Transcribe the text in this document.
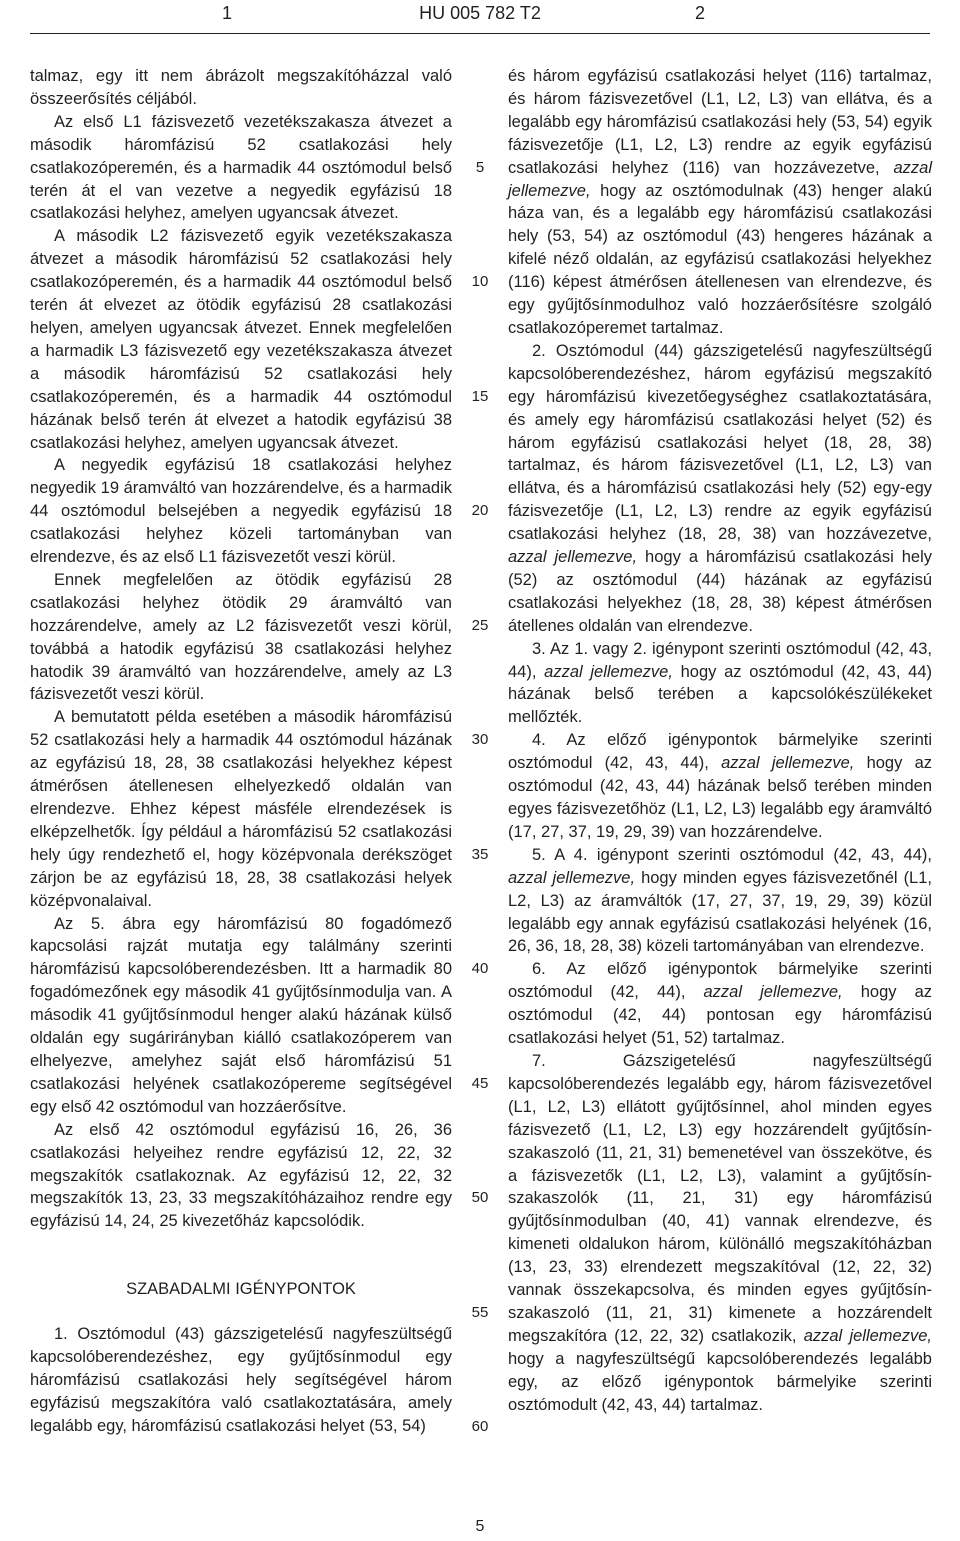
1	HU 005 782 T2	2

talmaz, egy itt nem ábrázolt megszakítóházzal való összeerősítés céljából.

Az első L1 fázisvezető vezetékszakasza átvezet a második háromfázisú 52 csatlakozási hely csatlakozóperemén, és a harmadik 44 osztómodul belső terén át el van vezetve a negyedik egyfázisú 18 csatlakozási helyhez, amelyen ugyancsak átvezet.

A második L2 fázisvezető egyik vezetékszakasza átvezet a második háromfázisú 52 csatlakozási hely csatlakozóperemén, és a harmadik 44 osztómodul belső terén át elvezet az ötödik egyfázisú 28 csatlakozási helyen, amelyen ugyancsak átvezet. Ennek megfelelően a harmadik L3 fázisvezető egy vezetékszakasza átvezet a második háromfázisú 52 csatlakozási hely csatlakozóperemén, és a harmadik 44 osztómodul házának belső terén át elvezet a hatodik egyfázisú 38 csatlakozási helyhez, amelyen ugyancsak átvezet.

A negyedik egyfázisú 18 csatlakozási helyhez negyedik 19 áramváltó van hozzárendelve, és a harmadik 44 osztómodul belsejében a negyedik egyfázisú 18 csatlakozási helyhez közeli tartományban van elrendezve, és az első L1 fázisvezetőt veszi körül.

Ennek megfelelően az ötödik egyfázisú 28 csatlakozási helyhez ötödik 29 áramváltó van hozzárendelve, amely az L2 fázisvezetőt veszi körül, továbbá a hatodik egyfázisú 38 csatlakozási helyhez hatodik 39 áramváltó van hozzárendelve, amely az L3 fázisvezetőt veszi körül.

A bemutatott példa esetében a második háromfázisú 52 csatlakozási hely a harmadik 44 osztómodul házának az egyfázisú 18, 28, 38 csatlakozási helyekhez képest átmérősen átellenesen elhelyezkedő oldalán van elrendezve. Ehhez képest másféle elrendezések is elképzelhetők. Így például a háromfázisú 52 csatlakozási hely úgy rendezhető el, hogy középvonala derékszöget zárjon be az egyfázisú 18, 28, 38 csatlakozási helyek középvonalaival.

Az 5. ábra egy háromfázisú 80 fogadómező kapcsolási rajzát mutatja egy találmány szerinti háromfázisú kapcsolóberendezésben. Itt a harmadik 80 fogadómezőnek egy második 41 gyűjtősínmodulja van. A második 41 gyűjtősínmodul henger alakú házának külső oldalán egy sugárirányban kiálló csatlakozóperem van elhelyezve, amelyhez saját első háromfázisú 51 csatlakozási helyének csatlakozópereme segítségével egy első 42 osztómodul van hozzáerősítve.

Az első 42 osztómodul egyfázisú 16, 26, 36 csatlakozási helyeihez rendre egyfázisú 12, 22, 32 megszakítók csatlakoznak. Az egyfázisú 12, 22, 32 megszakítók 13, 23, 33 megszakítóházaihoz rendre egy egyfázisú 14, 24, 25 kivezetőház kapcsolódik.

SZABADALMI IGÉNYPONTOK

1. Osztómodul (43) gázszigetelésű nagyfeszültségű kapcsolóberendezéshez, egy gyűjtősínmodul egy háromfázisú csatlakozási hely segítségével három egyfázisú megszakítóra való csatlakoztatására, amely legalább egy, háromfázisú csatlakozási helyet (53, 54)

5
10
15
20
25
30
35
40
45
50
55
60

és három egyfázisú csatlakozási helyet (116) tartalmaz, és három fázisvezetővel (L1, L2, L3) van ellátva, és a legalább egy háromfázisú csatlakozási hely (53, 54) egyik fázisvezetője (L1, L2, L3) rendre az egyik egyfázisú csatlakozási helyhez (116) van hozzávezetve, azzal jellemezve, hogy az osztómodulnak (43) henger alakú háza van, és a legalább egy háromfázisú csatlakozási hely (53, 54) az osztómodul (43) hengeres házának a kifelé néző oldalán, az egyfázisú csatlakozási helyekhez (116) képest átmérősen átellenesen van elrendezve, és egy gyűjtősínmodulhoz való hozzáerősítésre szolgáló csatlakozóperemet tartalmaz.

2. Osztómodul (44) gázszigetelésű nagyfeszültségű kapcsolóberendezéshez, három egyfázisú megszakító egy háromfázisú kivezetőegységhez csatlakoztatására, és amely egy háromfázisú csatlakozási helyet (52) és három egyfázisú csatlakozási helyet (18, 28, 38) tartalmaz, és három fázisvezetővel (L1, L2, L3) van ellátva, és a háromfázisú csatlakozási hely (52) egy-egy fázisvezetője (L1, L2, L3) rendre az egyik egyfázisú csatlakozási helyhez (18, 28, 38) van hozzávezetve, azzal jellemezve, hogy a háromfázisú csatlakozási hely (52) az osztómodul (44) házának az egyfázisú csatlakozási helyekhez (18, 28, 38) képest átmérősen átellenes oldalán van elrendezve.

3. Az 1. vagy 2. igénypont szerinti osztómodul (42, 43, 44), azzal jellemezve, hogy az osztómodul (42, 43, 44) házának belső terében a kapcsolókészülékeket mellőzték.

4. Az előző igénypontok bármelyike szerinti osztómodul (42, 43, 44), azzal jellemezve, hogy az osztómodul (42, 43, 44) házának belső terében minden egyes fázisvezetőhöz (L1, L2, L3) legalább egy áramváltó (17, 27, 37, 19, 29, 39) van hozzárendelve.

5. A 4. igénypont szerinti osztómodul (42, 43, 44), azzal jellemezve, hogy minden egyes fázisvezetőnél (L1, L2, L3) az áramváltók (17, 27, 37, 19, 29, 39) közül legalább egy annak egyfázisú csatlakozási helyének (16, 26, 36, 18, 28, 38) közeli tartományában van elrendezve.

6. Az előző igénypontok bármelyike szerinti osztómodul (42, 44), azzal jellemezve, hogy az osztómodul (42, 44) pontosan egy háromfázisú csatlakozási helyet (51, 52) tartalmaz.

7. Gázszigetelésű nagyfeszültségű kapcsolóberendezés legalább egy, három fázisvezetővel (L1, L2, L3) ellátott gyűjtősínnel, ahol minden egyes fázisvezető (L1, L2, L3) egy hozzárendelt gyűjtősín-szakaszoló (11, 21, 31) bemenetével van összekötve, és a fázisvezetők (L1, L2, L3), valamint a gyűjtősín-szakaszolók (11, 21, 31) egy háromfázisú gyűjtősínmodulban (40, 41) vannak elrendezve, és kimeneti oldalukon három, különálló megszakítóházban (13, 23, 33) elrendezett megszakítóval (12, 22, 32) vannak összekapcsolva, és minden egyes gyűjtősín-szakaszoló (11, 21, 31) kimenete a hozzárendelt megszakítóra (12, 22, 32) csatlakozik, azzal jellemezve, hogy a nagyfeszültségű kapcsolóberendezés legalább egy, az előző igénypontok bármelyike szerinti osztómodult (42, 43, 44) tartalmaz.

5
